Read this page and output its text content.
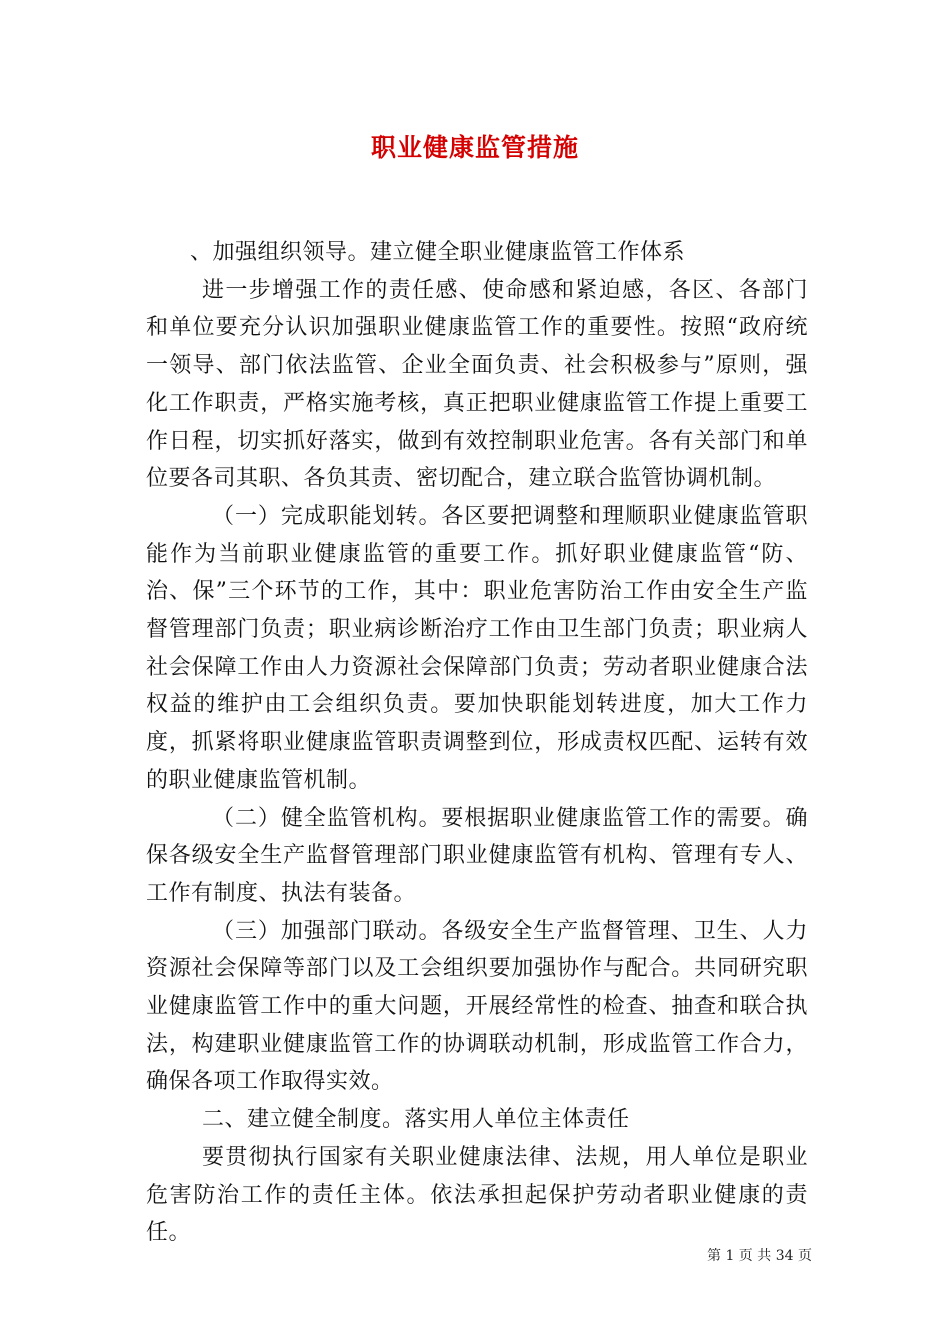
职业健康监管措施

、加强组织领导。建立健全职业健康监管工作体系

进一步增强工作的责任感、使命感和紧迫感，各区、各部门和单位要充分认识加强职业健康监管工作的重要性。按照“政府统一领导、部门依法监管、企业全面负责、社会积极参与”原则，强化工作职责，严格实施考核，真正把职业健康监管工作提上重要工作日程，切实抓好落实，做到有效控制职业危害。各有关部门和单位要各司其职、各负其责、密切配合，建立联合监管协调机制。

（一）完成职能划转。各区要把调整和理顺职业健康监管职能作为当前职业健康监管的重要工作。抓好职业健康监管“防、治、保”三个环节的工作，其中：职业危害防治工作由安全生产监督管理部门负责；职业病诊断治疗工作由卫生部门负责；职业病人社会保障工作由人力资源社会保障部门负责；劳动者职业健康合法权益的维护由工会组织负责。要加快职能划转进度，加大工作力度，抓紧将职业健康监管职责调整到位，形成责权匹配、运转有效的职业健康监管机制。

（二）健全监管机构。要根据职业健康监管工作的需要。确保各级安全生产监督管理部门职业健康监管有机构、管理有专人、工作有制度、执法有装备。

（三）加强部门联动。各级安全生产监督管理、卫生、人力资源社会保障等部门以及工会组织要加强协作与配合。共同研究职业健康监管工作中的重大问题，开展经常性的检查、抽查和联合执法，构建职业健康监管工作的协调联动机制，形成监管工作合力，确保各项工作取得实效。

二、建立健全制度。落实用人单位主体责任

要贯彻执行国家有关职业健康法律、法规，用人单位是职业危害防治工作的责任主体。依法承担起保护劳动者职业健康的责任。

第 1 页 共 34 页
